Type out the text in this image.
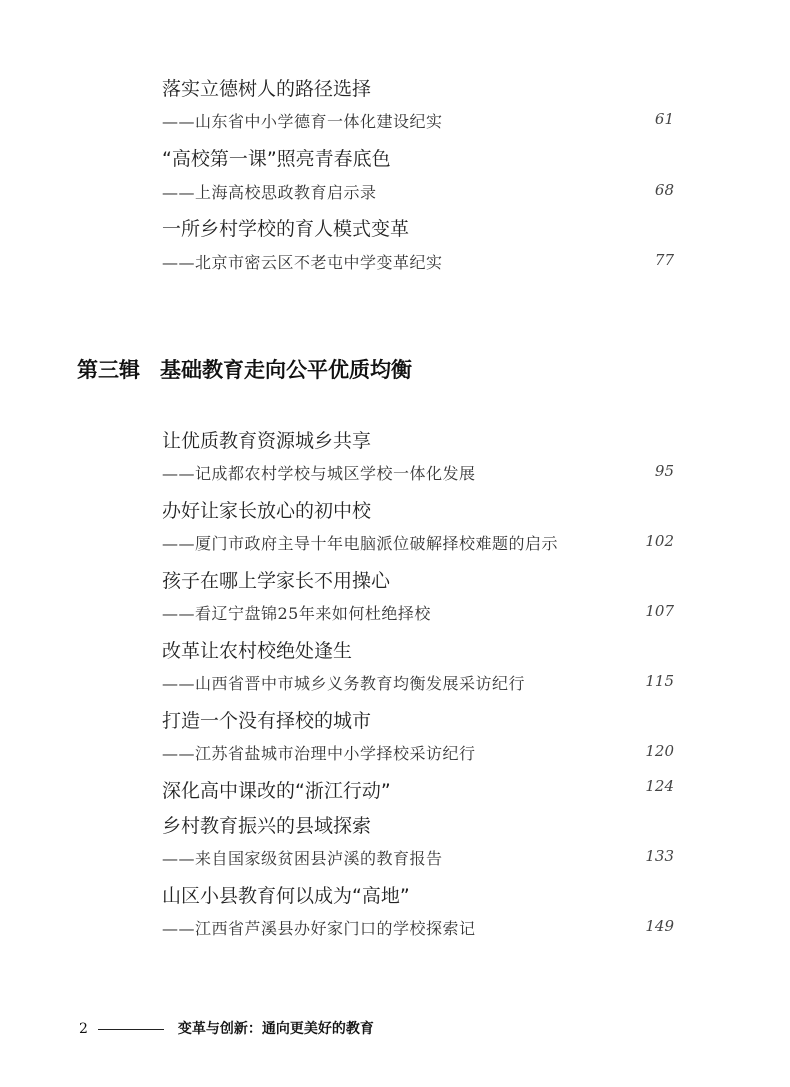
落实立德树人的路径选择
——山东省中小学德育一体化建设纪实	61
“高校第一课”照亮青春底色
——上海高校思政教育启示录	68
一所乡村学校的育人模式变革
——北京市密云区不老屯中学变革纪实	77
第三辑 基础教育走向公平优质均衡
让优质教育资源城乡共享
——记成都农村学校与城区学校一体化发展	95
办好让家长放心的初中校
——厦门市政府主导十年电脑派位破解择校难题的启示	102
孩子在哪上学家长不用操心
——看辽宁盘锦25年来如何杜绝择校	107
改革让农村校绝处逢生
——山西省晋中市城乡义务教育均衡发展采访纪行	115
打造一个没有择校的城市
——江苏省盐城市治理中小学择校采访纪行	120
深化高中课改的“浙江行动”	124
乡村教育振兴的县域探索
——来自国家级贫困县泸溪的教育报告	133
山区小县教育何以成为“高地”
——江西省芦溪县办好家门口的学校探索记	149
2	变革与创新：通向更美好的教育
